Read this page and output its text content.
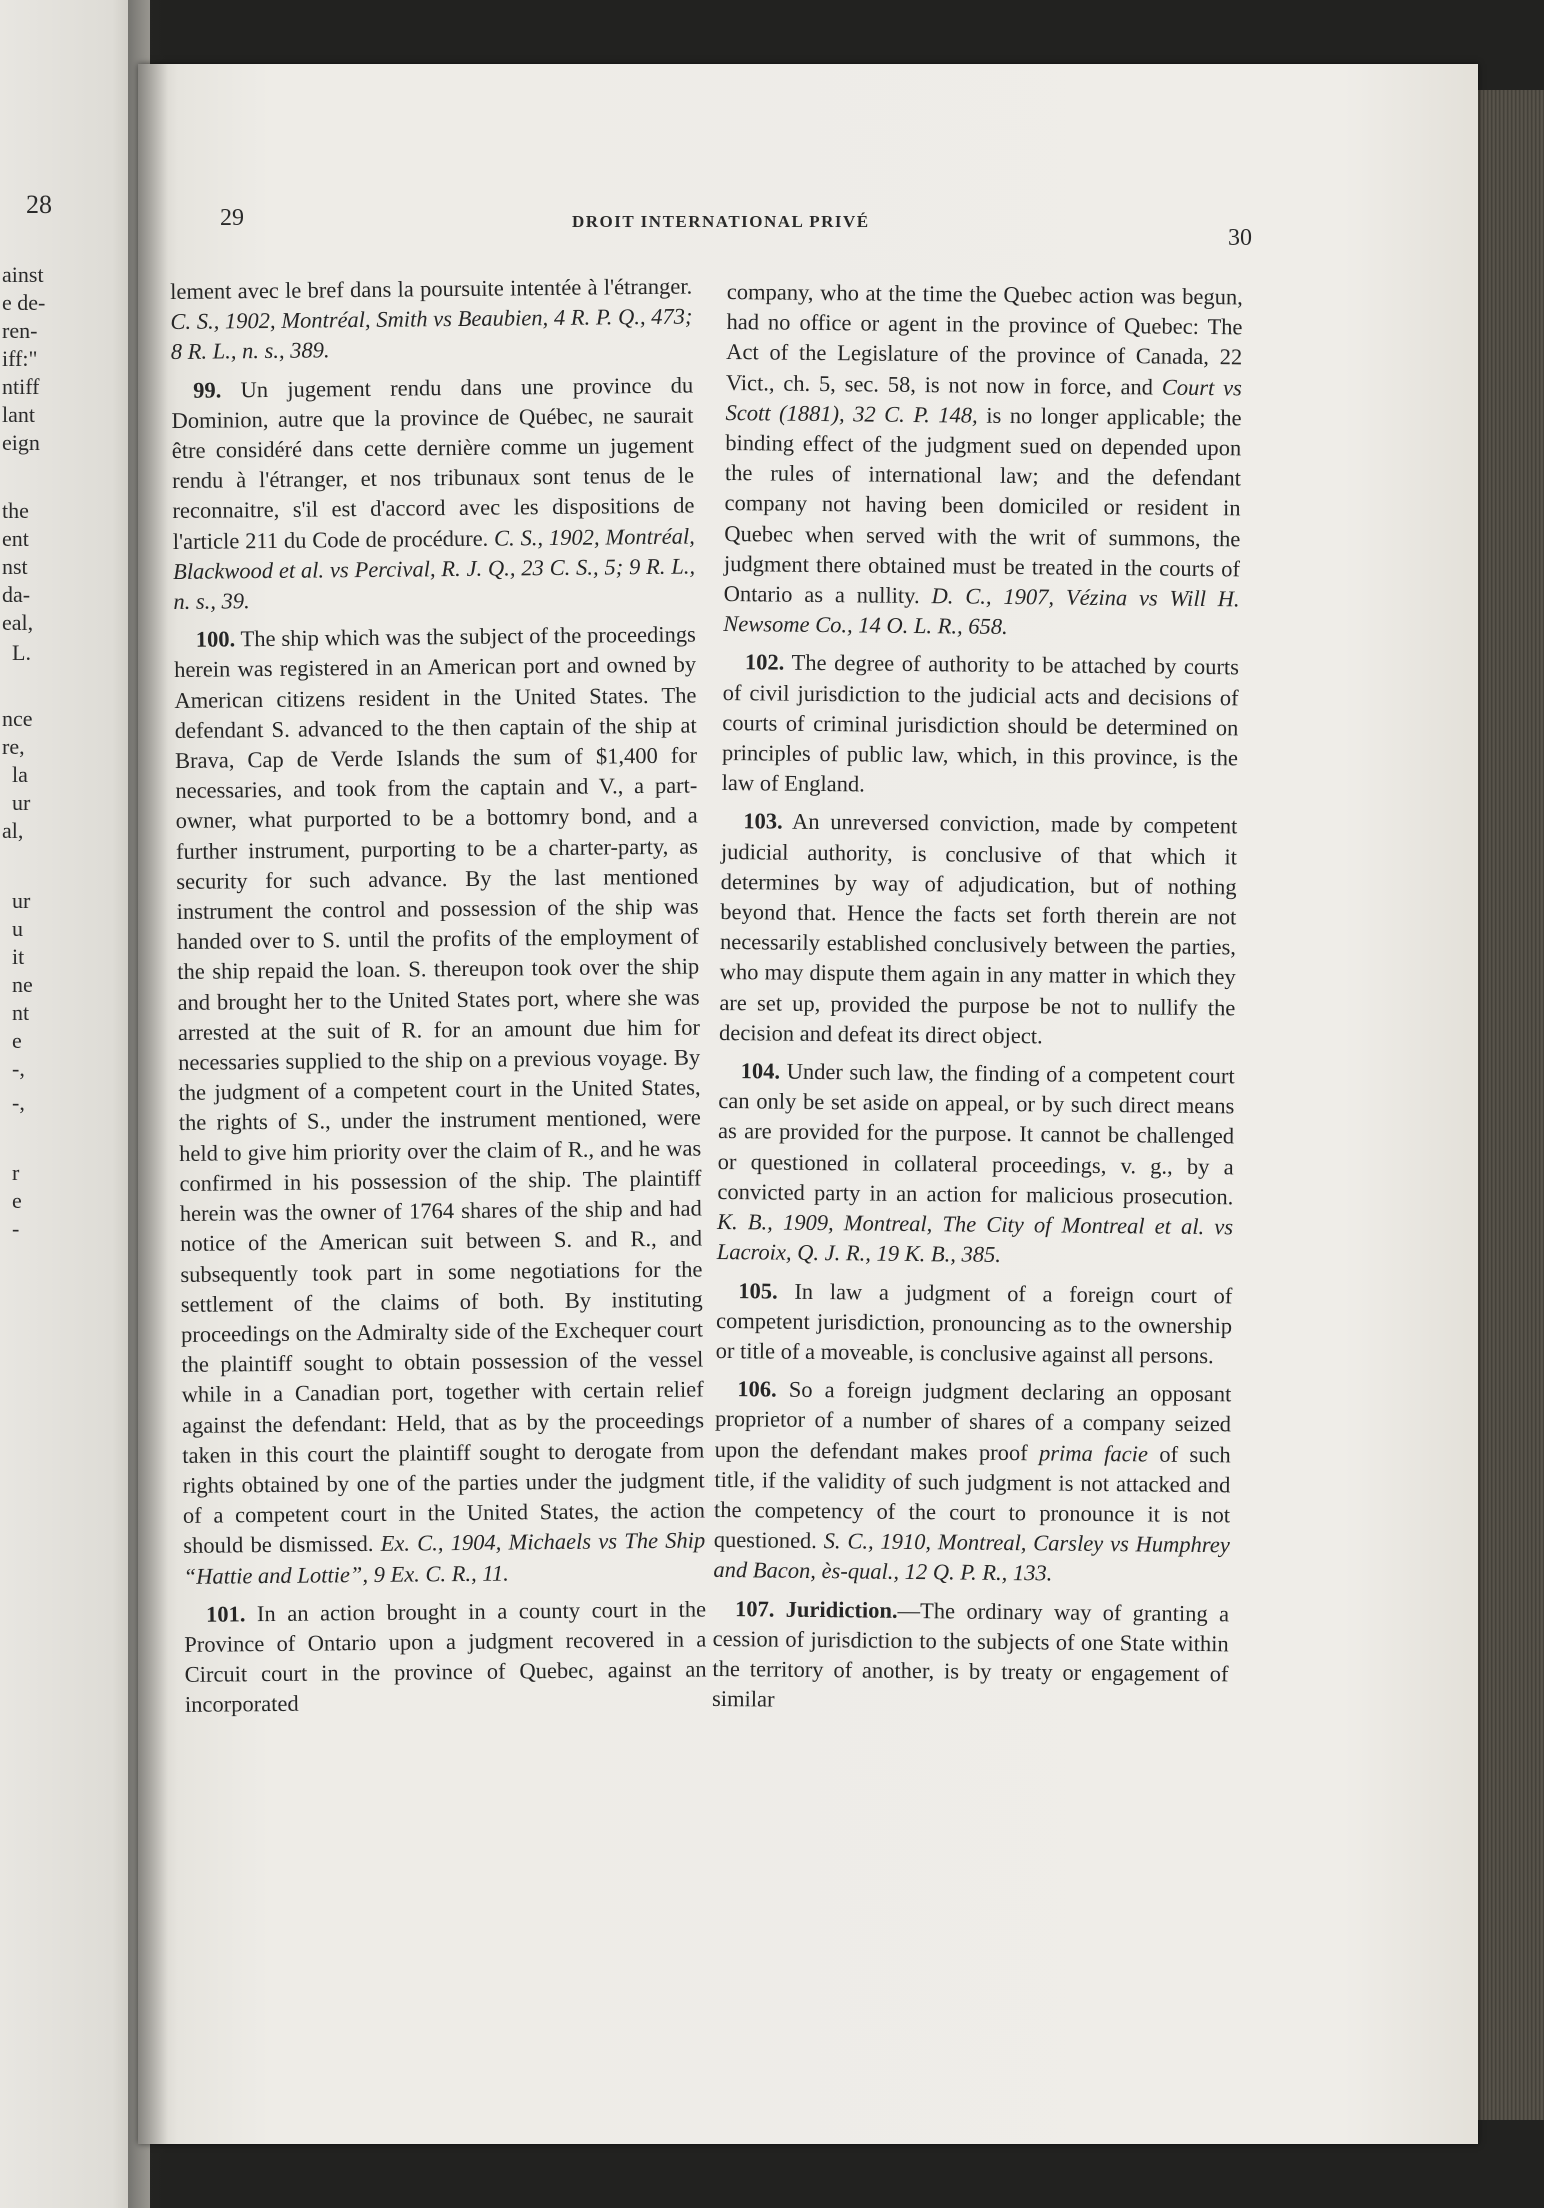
28
ainst
e de-
ren-
iff:"
ntiff
lant
eign
the
ent
nst
da-
eal,
L.
nce
re,
la
ur
al,
ur
u
it
ne
nt
e
-,
-,
r
e
-
29	DROIT INTERNATIONAL PRIVÉ
30

lement avec le bref dans la poursuite intentée à l'étranger. C. S., 1902, Montréal, Smith vs Beaubien, 4 R. P. Q., 473; 8 R. L., n. s., 389.

99. Un jugement rendu dans une province du Dominion, autre que la province de Québec, ne saurait être considéré dans cette dernière comme un jugement rendu à l'étranger, et nos tribunaux sont tenus de le reconnaitre, s'il est d'accord avec les dispositions de l'article 211 du Code de procédure. C. S., 1902, Montréal, Blackwood et al. vs Percival, R. J. Q., 23 C. S., 5; 9 R. L., n. s., 39.

100. The ship which was the subject of the proceedings herein was registered in an American port and owned by American citizens resident in the United States. The defendant S. advanced to the then captain of the ship at Brava, Cap de Verde Islands the sum of $1,400 for necessaries, and took from the captain and V., a part-owner, what purported to be a bottomry bond, and a further instrument, purporting to be a charter-party, as security for such advance. By the last mentioned instrument the control and possession of the ship was handed over to S. until the profits of the employment of the ship repaid the loan. S. thereupon took over the ship and brought her to the United States port, where she was arrested at the suit of R. for an amount due him for necessaries supplied to the ship on a previous voyage. By the judgment of a competent court in the United States, the rights of S., under the instrument mentioned, were held to give him priority over the claim of R., and he was confirmed in his possession of the ship. The plaintiff herein was the owner of 1764 shares of the ship and had notice of the American suit between S. and R., and subsequently took part in some negotiations for the settlement of the claims of both. By instituting proceedings on the Admiralty side of the Exchequer court the plaintiff sought to obtain possession of the vessel while in a Canadian port, together with certain relief against the defendant: Held, that as by the proceedings taken in this court the plaintiff sought to derogate from rights obtained by one of the parties under the judgment of a competent court in the United States, the action should be dismissed. Ex. C., 1904, Michaels vs The Ship “Hattie and Lottie”, 9 Ex. C. R., 11.

101. In an action brought in a county court in the Province of Ontario upon a judgment recovered in a Circuit court in the province of Quebec, against an incorporated

company, who at the time the Quebec action was begun, had no office or agent in the province of Quebec: The Act of the Legislature of the province of Canada, 22 Vict., ch. 5, sec. 58, is not now in force, and Court vs Scott (1881), 32 C. P. 148, is no longer applicable; the binding effect of the judgment sued on depended upon the rules of international law; and the defendant company not having been domiciled or resident in Quebec when served with the writ of summons, the judgment there obtained must be treated in the courts of Ontario as a nullity. D. C., 1907, Vézina vs Will H. Newsome Co., 14 O. L. R., 658.

102. The degree of authority to be attached by courts of civil jurisdiction to the judicial acts and decisions of courts of criminal jurisdiction should be determined on principles of public law, which, in this province, is the law of England.

103. An unreversed conviction, made by competent judicial authority, is conclusive of that which it determines by way of adjudication, but of nothing beyond that. Hence the facts set forth therein are not necessarily established conclusively between the parties, who may dispute them again in any matter in which they are set up, provided the purpose be not to nullify the decision and defeat its direct object.

104. Under such law, the finding of a competent court can only be set aside on appeal, or by such direct means as are provided for the purpose. It cannot be challenged or questioned in collateral proceedings, v. g., by a convicted party in an action for malicious prosecution. K. B., 1909, Montreal, The City of Montreal et al. vs Lacroix, Q. J. R., 19 K. B., 385.

105. In law a judgment of a foreign court of competent jurisdiction, pronouncing as to the ownership or title of a moveable, is conclusive against all persons.

106. So a foreign judgment declaring an opposant proprietor of a number of shares of a company seized upon the defendant makes proof prima facie of such title, if the validity of such judgment is not attacked and the competency of the court to pronounce it is not questioned. S. C., 1910, Montreal, Carsley vs Humphrey and Bacon, ès-qual., 12 Q. P. R., 133.

107. Juridiction.—The ordinary way of granting a cession of jurisdiction to the subjects of one State within the territory of another, is by treaty or engagement of similar
